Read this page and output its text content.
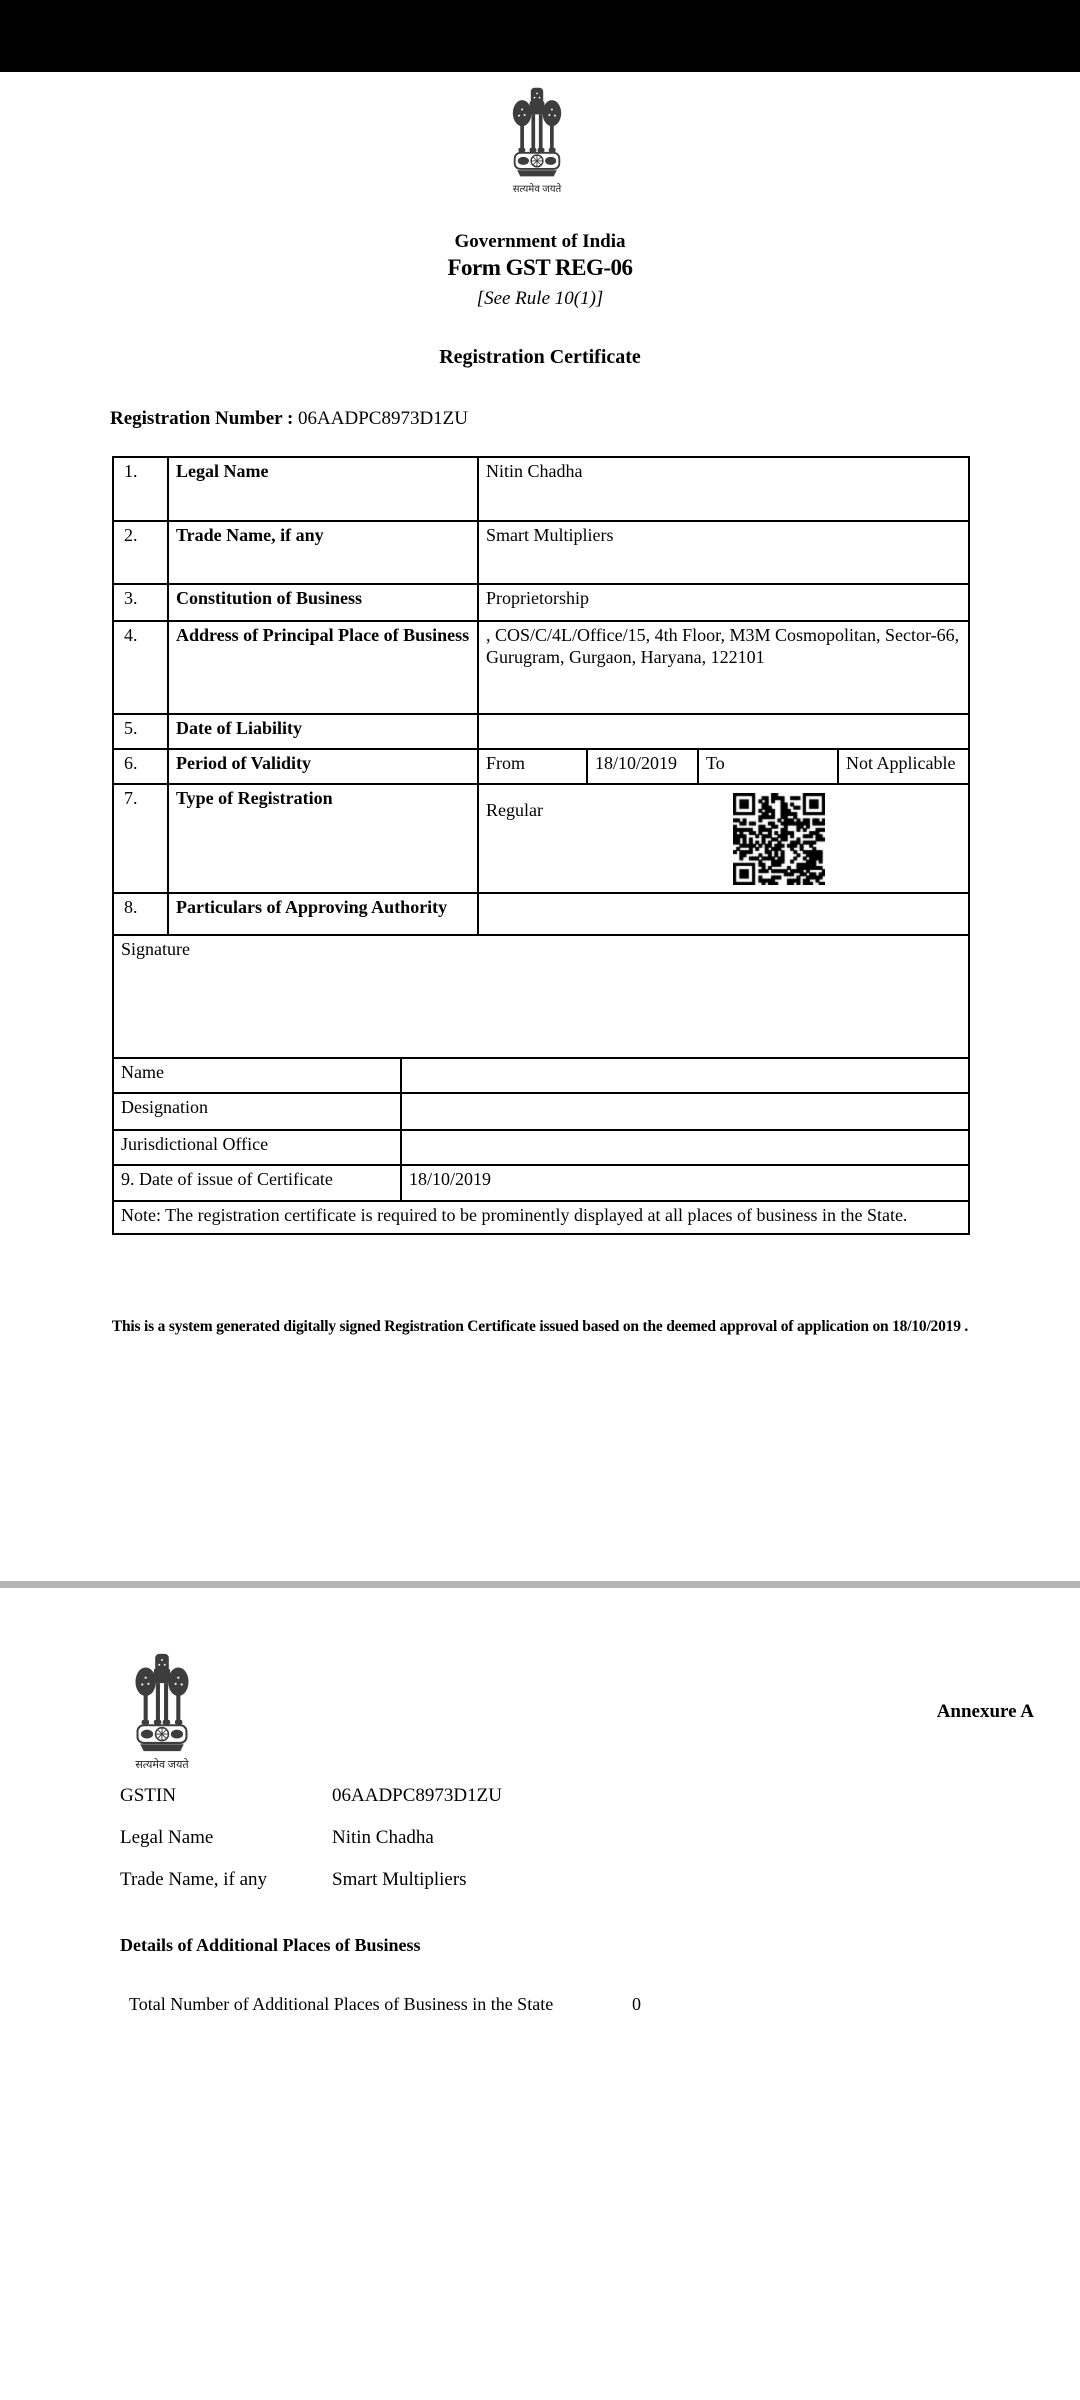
सत्यमेव जयते
Government of India
Form GST REG-06
[See Rule 10(1)]
Registration Certificate
Registration Number : 06AADPC8973D1ZU
1.	Legal Name	Nitin Chadha			
2.	Trade Name, if any	Smart Multipliers			
3.	Constitution of Business	Proprietorship			
4.	Address of Principal Place of Business	, COS/C/4L/Office/15, 4th Floor, M3M Cosmopolitan, Sector-66, Gurugram, Gurgaon, Haryana, 122101			
5.	Date of Liability				
6.	Period of Validity	From	18/10/2019	To	Not Applicable
7.	Type of Registration	Regular			

8.	Particulars of Approving Authority				
Signature					
Name	
Designation	
Jurisdictional Office	
9. Date of issue of Certificate	18/10/2019
Note: The registration certificate is required to be prominently displayed at all places of business in the State.
This is a system generated digitally signed Registration Certificate issued based on the deemed approval of application on 18/10/2019 .
सत्यमेव जयते
Annexure A
GSTIN	06AADPC8973D1ZU
Legal Name	Nitin Chadha
Trade Name, if any	Smart Multipliers
Details of Additional Places of Business
Total Number of Additional Places of Business in the State	0
